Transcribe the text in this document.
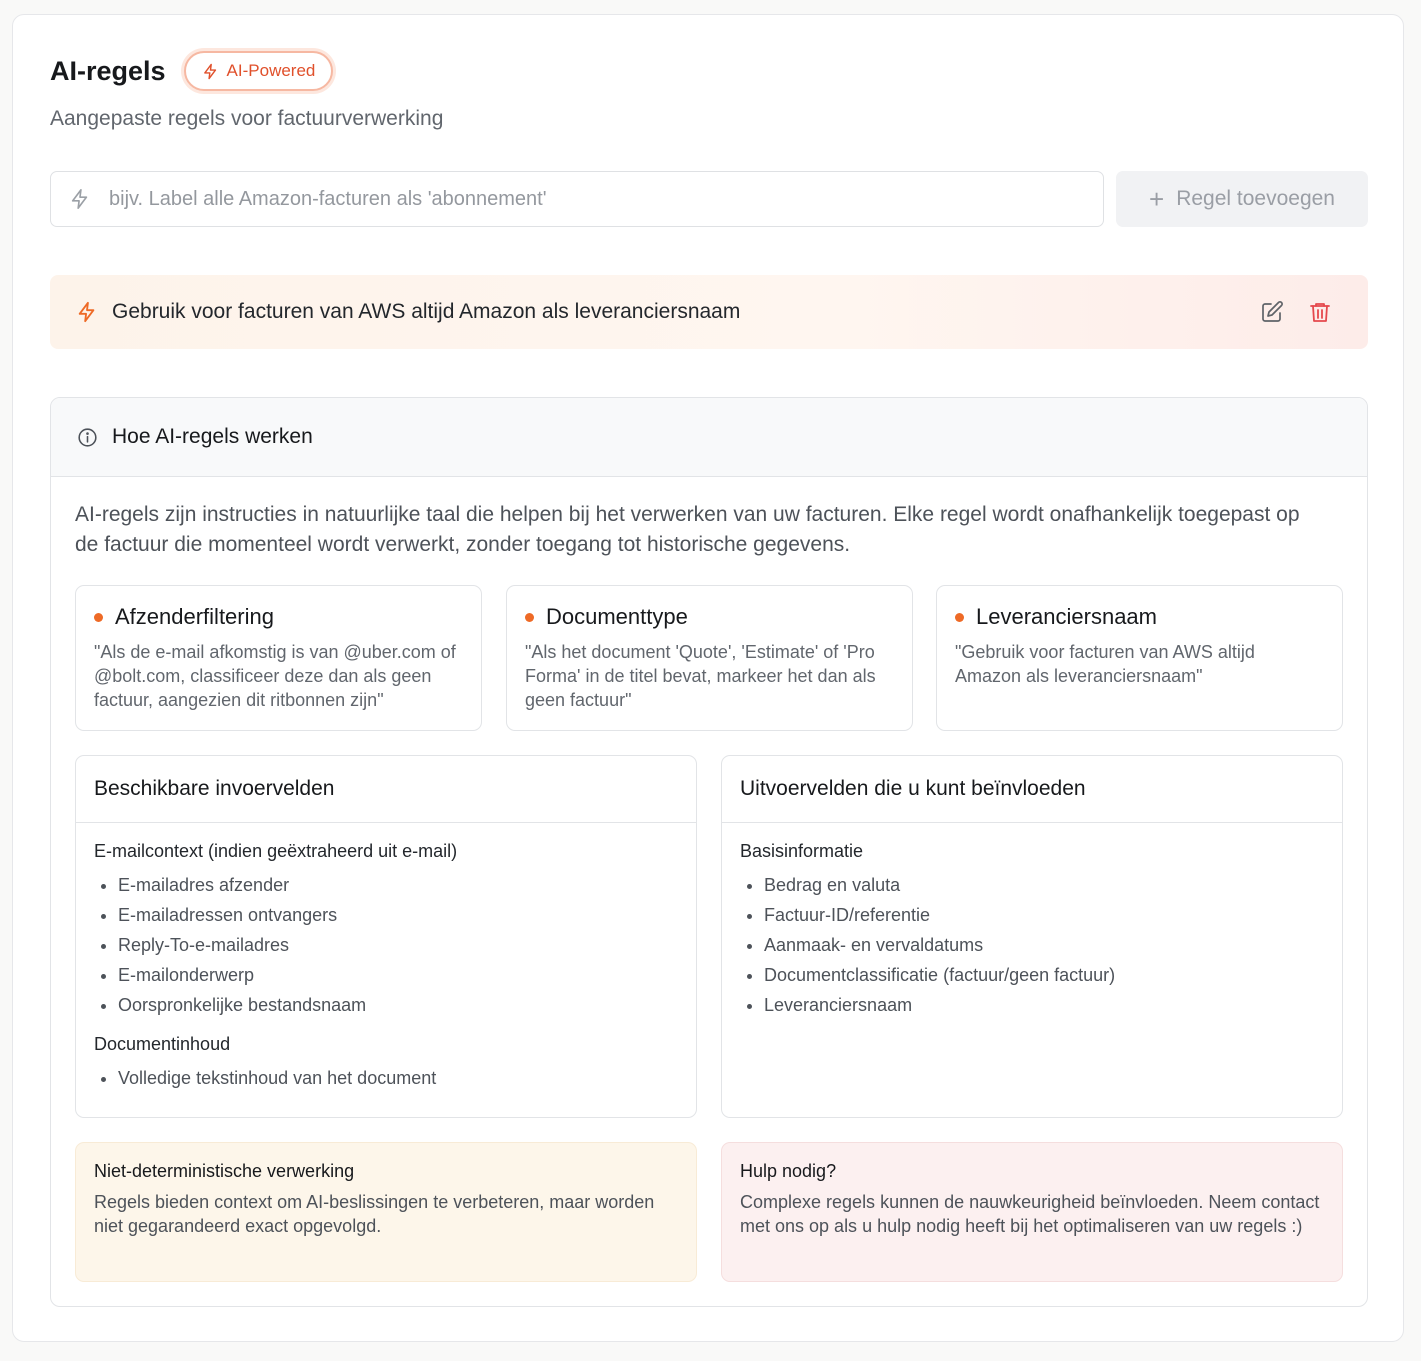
AI-regels	AI-Powered

Aangepaste regels voor factuurverwerking

bijv. Label alle Amazon-facturen als 'abonnement'
+ Regel toevoegen
Gebruik voor facturen van AWS altijd Amazon als leveranciersnaam
Hoe AI-regels werken

AI-regels zijn instructies in natuurlijke taal die helpen bij het verwerken van uw facturen. Elke regel wordt onafhankelijk toegepast op de factuur die momenteel wordt verwerkt, zonder toegang tot historische gegevens.

Afzenderfiltering

"Als de e-mail afkomstig is van @uber.com of @bolt.com, classificeer deze dan als geen factuur, aangezien dit ritbonnen zijn"

Documenttype

"Als het document 'Quote', 'Estimate' of 'Pro Forma' in de titel bevat, markeer het dan als geen factuur"

Leveranciersnaam

"Gebruik voor facturen van AWS altijd Amazon als leveranciersnaam"

Beschikbare invoervelden
E-mailcontext (indien geëxtraheerd uit e-mail)
• E-mailadres afzender
• E-mailadressen ontvangers
• Reply-To-e-mailadres
• E-mailonderwerp
• Oorspronkelijke bestandsnaam
Documentinhoud
• Volledige tekstinhoud van het document
Uitvoervelden die u kunt beïnvloeden
Basisinformatie
• Bedrag en valuta
• Factuur-ID/referentie
• Aanmaak- en vervaldatums
• Documentclassificatie (factuur/geen factuur)
• Leveranciersnaam
Niet-deterministische verwerking

Regels bieden context om AI-beslissingen te verbeteren, maar worden niet gegarandeerd exact opgevolgd.

Hulp nodig?

Complexe regels kunnen de nauwkeurigheid beïnvloeden. Neem contact met ons op als u hulp nodig heeft bij het optimaliseren van uw regels :)
